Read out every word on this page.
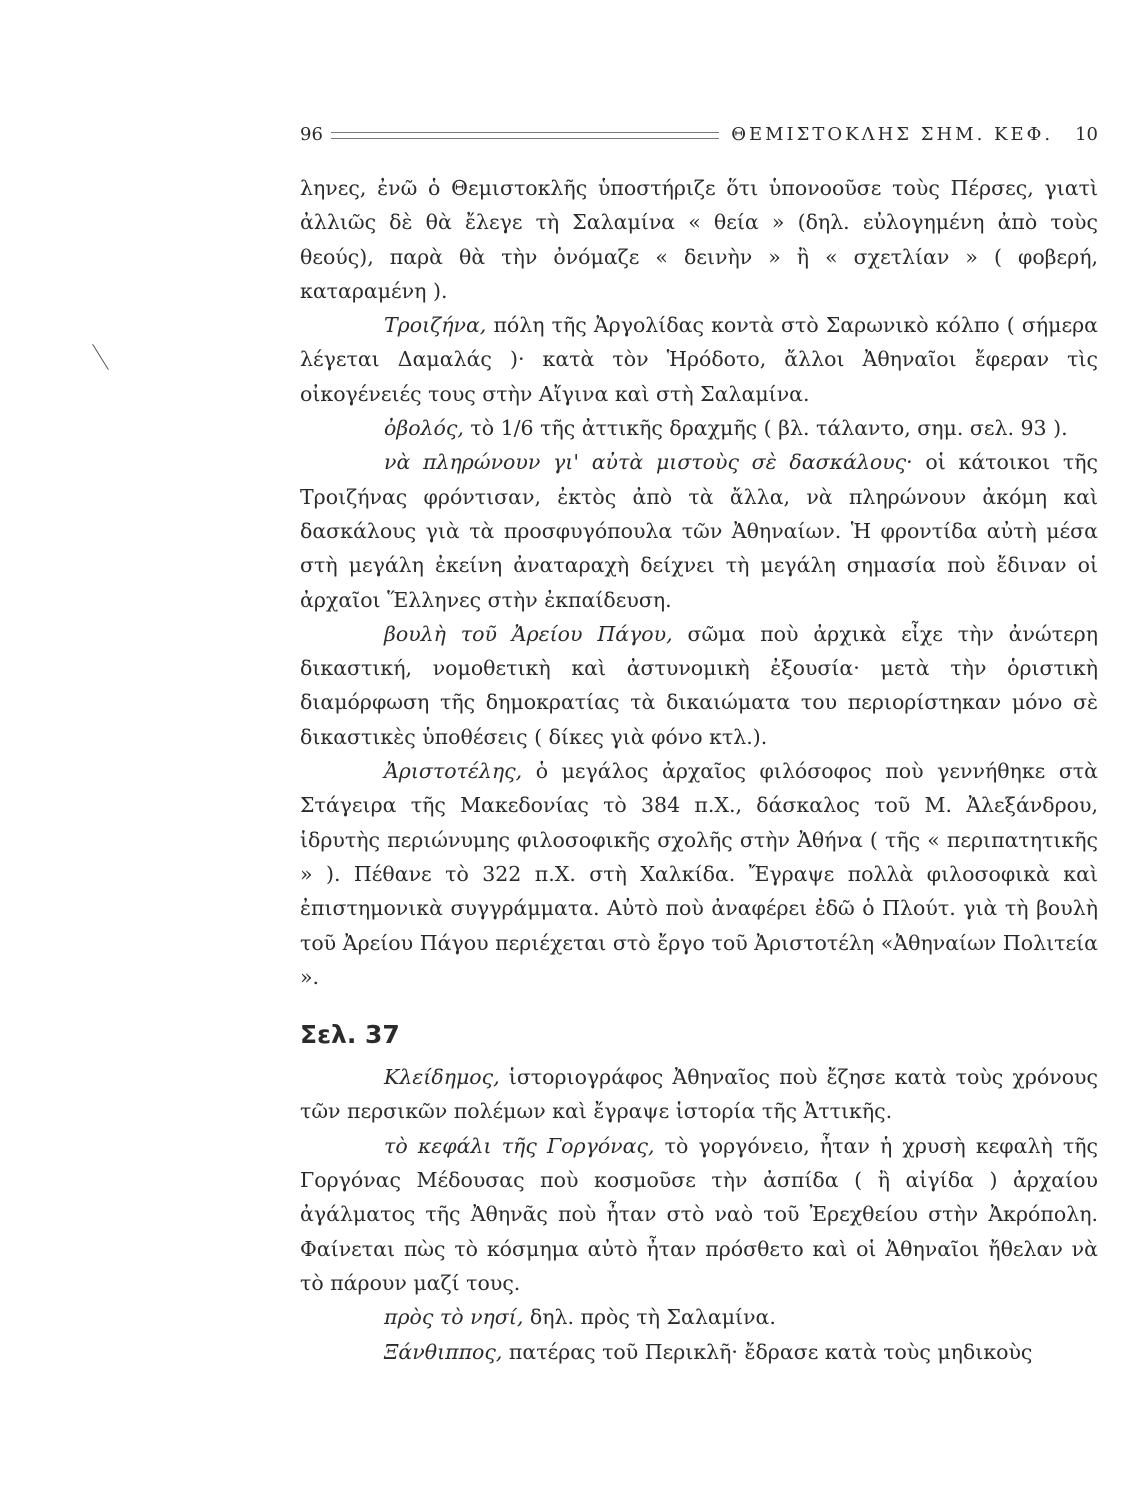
96	ΘΕΜΙΣΤΟΚΛΗΣ ΣΗΜ. ΚΕΦ. 10

ληνες, ἐνῶ ὁ Θεμιστοκλῆς ὑποστήριζε ὅτι ὑπονοοῦσε τοὺς Πέρσες, γιατὶ ἀλλιῶς δὲ θὰ ἔλεγε τὴ Σαλαμίνα « θεία » (δηλ. εὐλογημένη ἀπὸ τοὺς θεούς), παρὰ θὰ τὴν ὀνόμαζε « δεινὴν » ἢ « σχετλίαν » ( φοβερή, καταραμένη ).

Τροιζήνα, πόλη τῆς Ἀργολίδας κοντὰ στὸ Σαρωνικὸ κόλπο ( σήμερα λέγεται Δαμαλάς )· κατὰ τὸν Ἡρόδοτο, ἄλλοι Ἀθηναῖοι ἔφεραν τὶς οἰκογένειές τους στὴν Αἴγινα καὶ στὴ Σαλαμίνα.

ὀβολός, τὸ 1/6 τῆς ἀττικῆς δραχμῆς ( βλ. τάλαντο, σημ. σελ. 93 ).

νὰ πληρώνουν γι' αὐτὰ μιστοὺς σὲ δασκάλους· οἱ κάτοικοι τῆς Τροιζήνας φρόντισαν, ἐκτὸς ἀπὸ τὰ ἄλλα, νὰ πληρώνουν ἀκόμη καὶ δασκάλους γιὰ τὰ προσφυγόπουλα τῶν Ἀθηναίων. Ἡ φροντίδα αὐτὴ μέσα στὴ μεγάλη ἐκείνη ἀναταραχὴ δείχνει τὴ μεγάλη σημασία ποὺ ἔδιναν οἱ ἀρχαῖοι Ἕλληνες στὴν ἐκπαίδευση.

βουλὴ τοῦ Ἀρείου Πάγου, σῶμα ποὺ ἀρχικὰ εἶχε τὴν ἀνώτερη δικαστική, νομοθετικὴ καὶ ἀστυνομικὴ ἐξουσία· μετὰ τὴν ὁριστικὴ διαμόρφωση τῆς δημοκρατίας τὰ δικαιώματα του περιορίστηκαν μόνο σὲ δικαστικὲς ὑποθέσεις ( δίκες γιὰ φόνο κτλ.).

Ἀριστοτέλης, ὁ μεγάλος ἀρχαῖος φιλόσοφος ποὺ γεννήθηκε στὰ Στάγειρα τῆς Μακεδονίας τὸ 384 π.Χ., δάσκαλος τοῦ Μ. Ἀλεξάνδρου, ἱδρυτὴς περιώνυμης φιλοσοφικῆς σχολῆς στὴν Ἀθήνα ( τῆς « περιπατητικῆς » ). Πέθανε τὸ 322 π.Χ. στὴ Χαλκίδα. Ἔγραψε πολλὰ φιλοσοφικὰ καὶ ἐπιστημονικὰ συγγράμματα. Αὐτὸ ποὺ ἀναφέρει ἐδῶ ὁ Πλούτ. γιὰ τὴ βουλὴ τοῦ Ἀρείου Πάγου περιέχεται στὸ ἔργο τοῦ Ἀριστοτέλη «Ἀθηναίων Πολιτεία ».

Σελ. 37

Κλείδημος, ἱστοριογράφος Ἀθηναῖος ποὺ ἔζησε κατὰ τοὺς χρόνους τῶν περσικῶν πολέμων καὶ ἔγραψε ἱστορία τῆς Ἀττικῆς.

τὸ κεφάλι τῆς Γοργόνας, τὸ γοργόνειο, ἦταν ἡ χρυσὴ κεφαλὴ τῆς Γοργόνας Μέδουσας ποὺ κοσμοῦσε τὴν ἀσπίδα ( ἢ αἰγίδα ) ἀρχαίου ἀγάλματος τῆς Ἀθηνᾶς ποὺ ἦταν στὸ ναὸ τοῦ Ἐρεχθείου στὴν Ἀκρόπολη. Φαίνεται πὼς τὸ κόσμημα αὐτὸ ἦταν πρόσθετο καὶ οἱ Ἀθηναῖοι ἤθελαν νὰ τὸ πάρουν μαζί τους.

πρὸς τὸ νησί, δηλ. πρὸς τὴ Σαλαμίνα.

Ξάνθιππος, πατέρας τοῦ Περικλῆ· ἔδρασε κατὰ τοὺς μηδικοὺς
